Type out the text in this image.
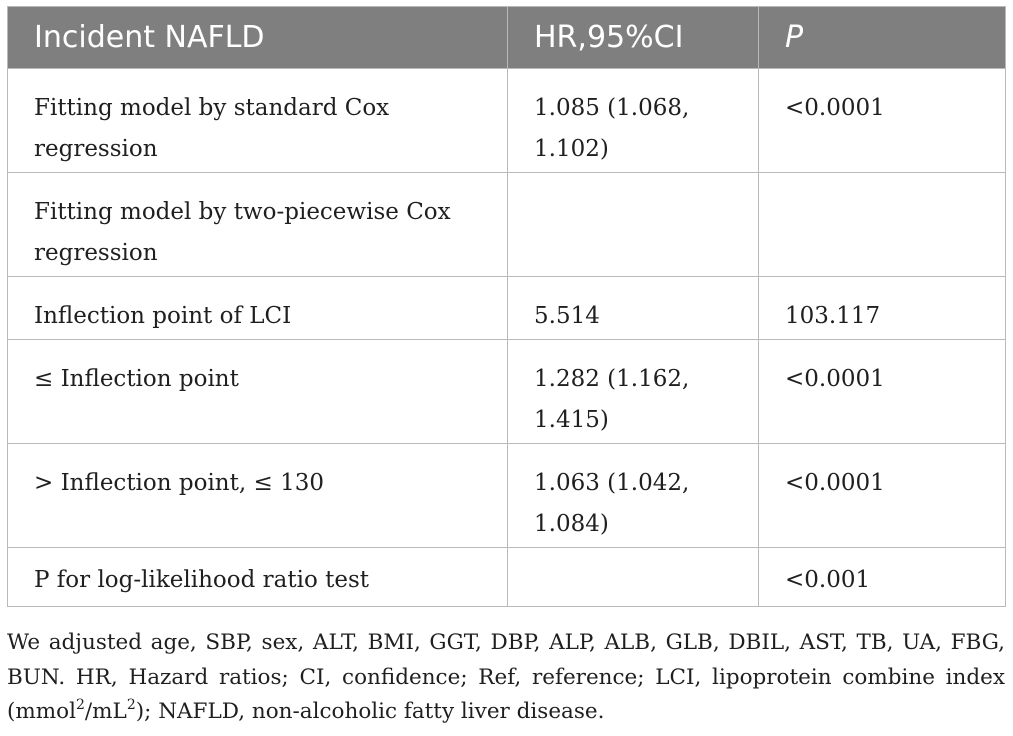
Incident NAFLD	HR,95%CI	P
Fitting model by standard Cox regression	1.085 (1.068, 1.102)	<0.0001
Fitting model by two-piecewise Cox regression		
Inflection point of LCI	5.514	103.117
≤ Inflection point	1.282 (1.162, 1.415)	<0.0001
> Inflection point, ≤ 130	1.063 (1.042, 1.084)	<0.0001
P for log-likelihood ratio test		<0.001

We adjusted age, SBP, sex, ALT, BMI, GGT, DBP, ALP, ALB, GLB, DBIL, AST, TB, UA, FBG, BUN. HR, Hazard ratios; CI, confidence; Ref, reference; LCI, lipoprotein combine index $(mmol^2/mL^2)$; NAFLD, non-alcoholic fatty liver disease.
